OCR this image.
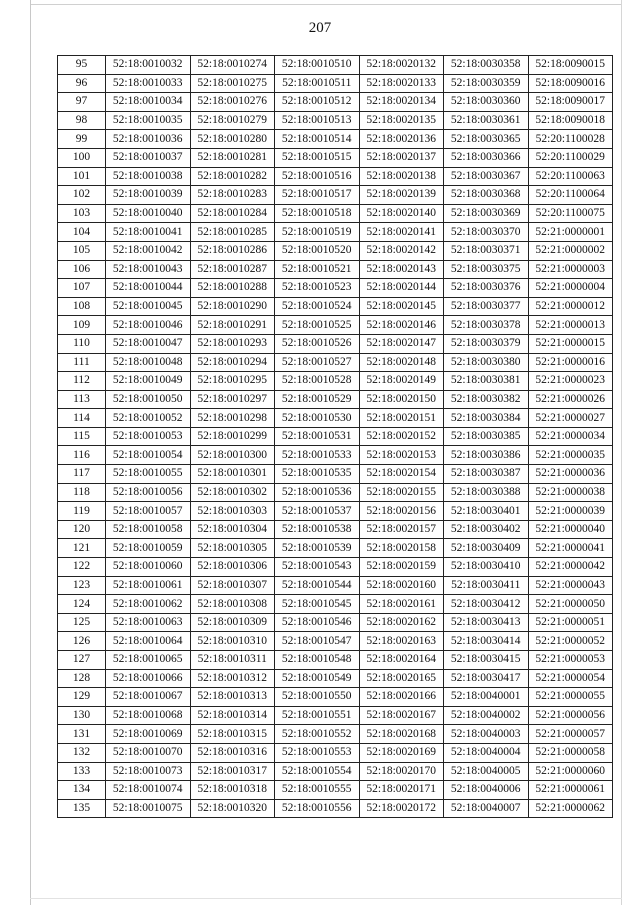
207
95	52:18:0010032	52:18:0010274	52:18:0010510	52:18:0020132	52:18:0030358	52:18:0090015
96	52:18:0010033	52:18:0010275	52:18:0010511	52:18:0020133	52:18:0030359	52:18:0090016
97	52:18:0010034	52:18:0010276	52:18:0010512	52:18:0020134	52:18:0030360	52:18:0090017
98	52:18:0010035	52:18:0010279	52:18:0010513	52:18:0020135	52:18:0030361	52:18:0090018
99	52:18:0010036	52:18:0010280	52:18:0010514	52:18:0020136	52:18:0030365	52:20:1100028
100	52:18:0010037	52:18:0010281	52:18:0010515	52:18:0020137	52:18:0030366	52:20:1100029
101	52:18:0010038	52:18:0010282	52:18:0010516	52:18:0020138	52:18:0030367	52:20:1100063
102	52:18:0010039	52:18:0010283	52:18:0010517	52:18:0020139	52:18:0030368	52:20:1100064
103	52:18:0010040	52:18:0010284	52:18:0010518	52:18:0020140	52:18:0030369	52:20:1100075
104	52:18:0010041	52:18:0010285	52:18:0010519	52:18:0020141	52:18:0030370	52:21:0000001
105	52:18:0010042	52:18:0010286	52:18:0010520	52:18:0020142	52:18:0030371	52:21:0000002
106	52:18:0010043	52:18:0010287	52:18:0010521	52:18:0020143	52:18:0030375	52:21:0000003
107	52:18:0010044	52:18:0010288	52:18:0010523	52:18:0020144	52:18:0030376	52:21:0000004
108	52:18:0010045	52:18:0010290	52:18:0010524	52:18:0020145	52:18:0030377	52:21:0000012
109	52:18:0010046	52:18:0010291	52:18:0010525	52:18:0020146	52:18:0030378	52:21:0000013
110	52:18:0010047	52:18:0010293	52:18:0010526	52:18:0020147	52:18:0030379	52:21:0000015
111	52:18:0010048	52:18:0010294	52:18:0010527	52:18:0020148	52:18:0030380	52:21:0000016
112	52:18:0010049	52:18:0010295	52:18:0010528	52:18:0020149	52:18:0030381	52:21:0000023
113	52:18:0010050	52:18:0010297	52:18:0010529	52:18:0020150	52:18:0030382	52:21:0000026
114	52:18:0010052	52:18:0010298	52:18:0010530	52:18:0020151	52:18:0030384	52:21:0000027
115	52:18:0010053	52:18:0010299	52:18:0010531	52:18:0020152	52:18:0030385	52:21:0000034
116	52:18:0010054	52:18:0010300	52:18:0010533	52:18:0020153	52:18:0030386	52:21:0000035
117	52:18:0010055	52:18:0010301	52:18:0010535	52:18:0020154	52:18:0030387	52:21:0000036
118	52:18:0010056	52:18:0010302	52:18:0010536	52:18:0020155	52:18:0030388	52:21:0000038
119	52:18:0010057	52:18:0010303	52:18:0010537	52:18:0020156	52:18:0030401	52:21:0000039
120	52:18:0010058	52:18:0010304	52:18:0010538	52:18:0020157	52:18:0030402	52:21:0000040
121	52:18:0010059	52:18:0010305	52:18:0010539	52:18:0020158	52:18:0030409	52:21:0000041
122	52:18:0010060	52:18:0010306	52:18:0010543	52:18:0020159	52:18:0030410	52:21:0000042
123	52:18:0010061	52:18:0010307	52:18:0010544	52:18:0020160	52:18:0030411	52:21:0000043
124	52:18:0010062	52:18:0010308	52:18:0010545	52:18:0020161	52:18:0030412	52:21:0000050
125	52:18:0010063	52:18:0010309	52:18:0010546	52:18:0020162	52:18:0030413	52:21:0000051
126	52:18:0010064	52:18:0010310	52:18:0010547	52:18:0020163	52:18:0030414	52:21:0000052
127	52:18:0010065	52:18:0010311	52:18:0010548	52:18:0020164	52:18:0030415	52:21:0000053
128	52:18:0010066	52:18:0010312	52:18:0010549	52:18:0020165	52:18:0030417	52:21:0000054
129	52:18:0010067	52:18:0010313	52:18:0010550	52:18:0020166	52:18:0040001	52:21:0000055
130	52:18:0010068	52:18:0010314	52:18:0010551	52:18:0020167	52:18:0040002	52:21:0000056
131	52:18:0010069	52:18:0010315	52:18:0010552	52:18:0020168	52:18:0040003	52:21:0000057
132	52:18:0010070	52:18:0010316	52:18:0010553	52:18:0020169	52:18:0040004	52:21:0000058
133	52:18:0010073	52:18:0010317	52:18:0010554	52:18:0020170	52:18:0040005	52:21:0000060
134	52:18:0010074	52:18:0010318	52:18:0010555	52:18:0020171	52:18:0040006	52:21:0000061
135	52:18:0010075	52:18:0010320	52:18:0010556	52:18:0020172	52:18:0040007	52:21:0000062
